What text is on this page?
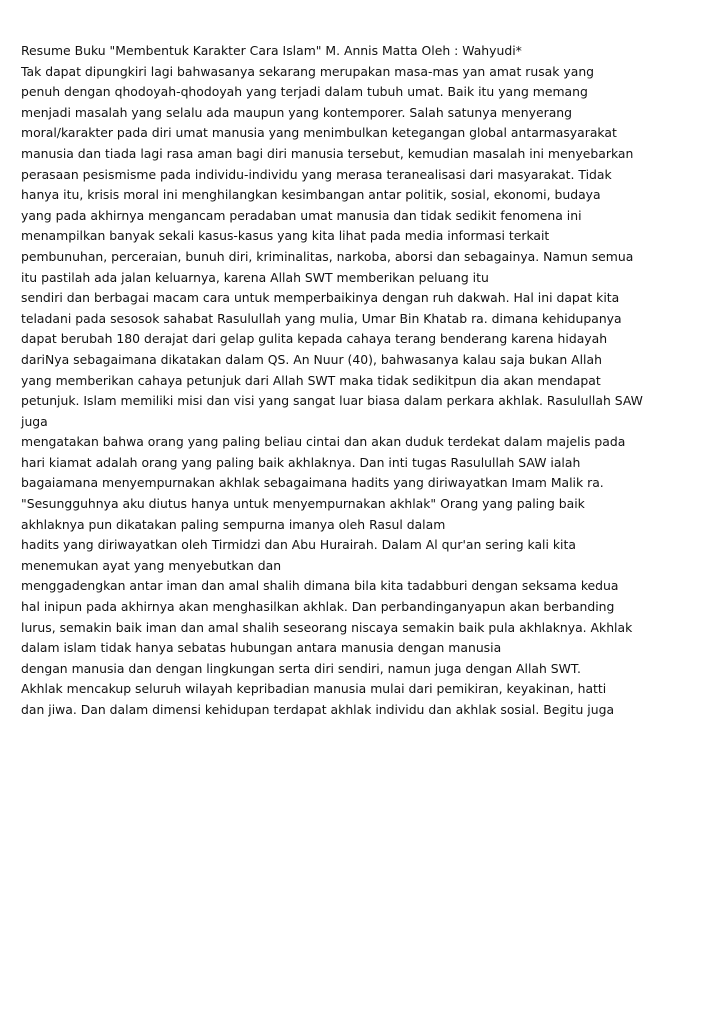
Resume Buku "Membentuk Karakter Cara Islam" M. Annis Matta Oleh : Wahyudi*
Tak dapat dipungkiri lagi bahwasanya sekarang merupakan masa-mas yan amat rusak yang
penuh dengan qhodoyah-qhodoyah yang terjadi dalam tubuh umat. Baik itu yang memang
menjadi masalah yang selalu ada maupun yang kontemporer. Salah satunya menyerang
moral/karakter pada diri umat manusia yang menimbulkan ketegangan global antarmasyarakat
manusia dan tiada lagi rasa aman bagi diri manusia tersebut, kemudian masalah ini menyebarkan
perasaan pesismisme pada individu-individu yang merasa teranealisasi dari masyarakat. Tidak
hanya itu, krisis moral ini menghilangkan kesimbangan antar politik, sosial, ekonomi, budaya
yang pada akhirnya mengancam peradaban umat manusia dan tidak sedikit fenomena ini
menampilkan banyak sekali kasus-kasus yang kita lihat pada media informasi terkait
pembunuhan, perceraian, bunuh diri, kriminalitas, narkoba, aborsi dan sebagainya. Namun semua
itu pastilah ada jalan keluarnya, karena Allah SWT memberikan peluang itu
sendiri dan berbagai macam cara untuk memperbaikinya dengan ruh dakwah. Hal ini dapat kita
teladani pada sesosok sahabat Rasulullah yang mulia, Umar Bin Khatab ra. dimana kehidupanya
dapat berubah 180 derajat dari gelap gulita kepada cahaya terang benderang karena hidayah
dariNya sebagaimana dikatakan dalam QS. An Nuur (40), bahwasanya kalau saja bukan Allah
yang memberikan cahaya petunjuk dari Allah SWT maka tidak sedikitpun dia akan mendapat
petunjuk. Islam memiliki misi dan visi yang sangat luar biasa dalam perkara akhlak. Rasulullah SAW
juga
mengatakan bahwa orang yang paling beliau cintai dan akan duduk terdekat dalam majelis pada
hari kiamat adalah orang yang paling baik akhlaknya. Dan inti tugas Rasulullah SAW ialah
bagaiamana menyempurnakan akhlak sebagaimana hadits yang diriwayatkan Imam Malik ra.
"Sesungguhnya aku diutus hanya untuk menyempurnakan akhlak" Orang yang paling baik
akhlaknya pun dikatakan paling sempurna imanya oleh Rasul dalam
hadits yang diriwayatkan oleh Tirmidzi dan Abu Hurairah. Dalam Al qur'an sering kali kita
menemukan ayat yang menyebutkan dan
menggadengkan antar iman dan amal shalih dimana bila kita tadabburi dengan seksama kedua
hal inipun pada akhirnya akan menghasilkan akhlak. Dan perbandinganyapun akan berbanding
lurus, semakin baik iman dan amal shalih seseorang niscaya semakin baik pula akhlaknya. Akhlak
dalam islam tidak hanya sebatas hubungan antara manusia dengan manusia
dengan manusia dan dengan lingkungan serta diri sendiri, namun juga dengan Allah SWT.
Akhlak mencakup seluruh wilayah kepribadian manusia mulai dari pemikiran, keyakinan, hatti
dan jiwa. Dan dalam dimensi kehidupan terdapat akhlak individu dan akhlak sosial. Begitu juga
